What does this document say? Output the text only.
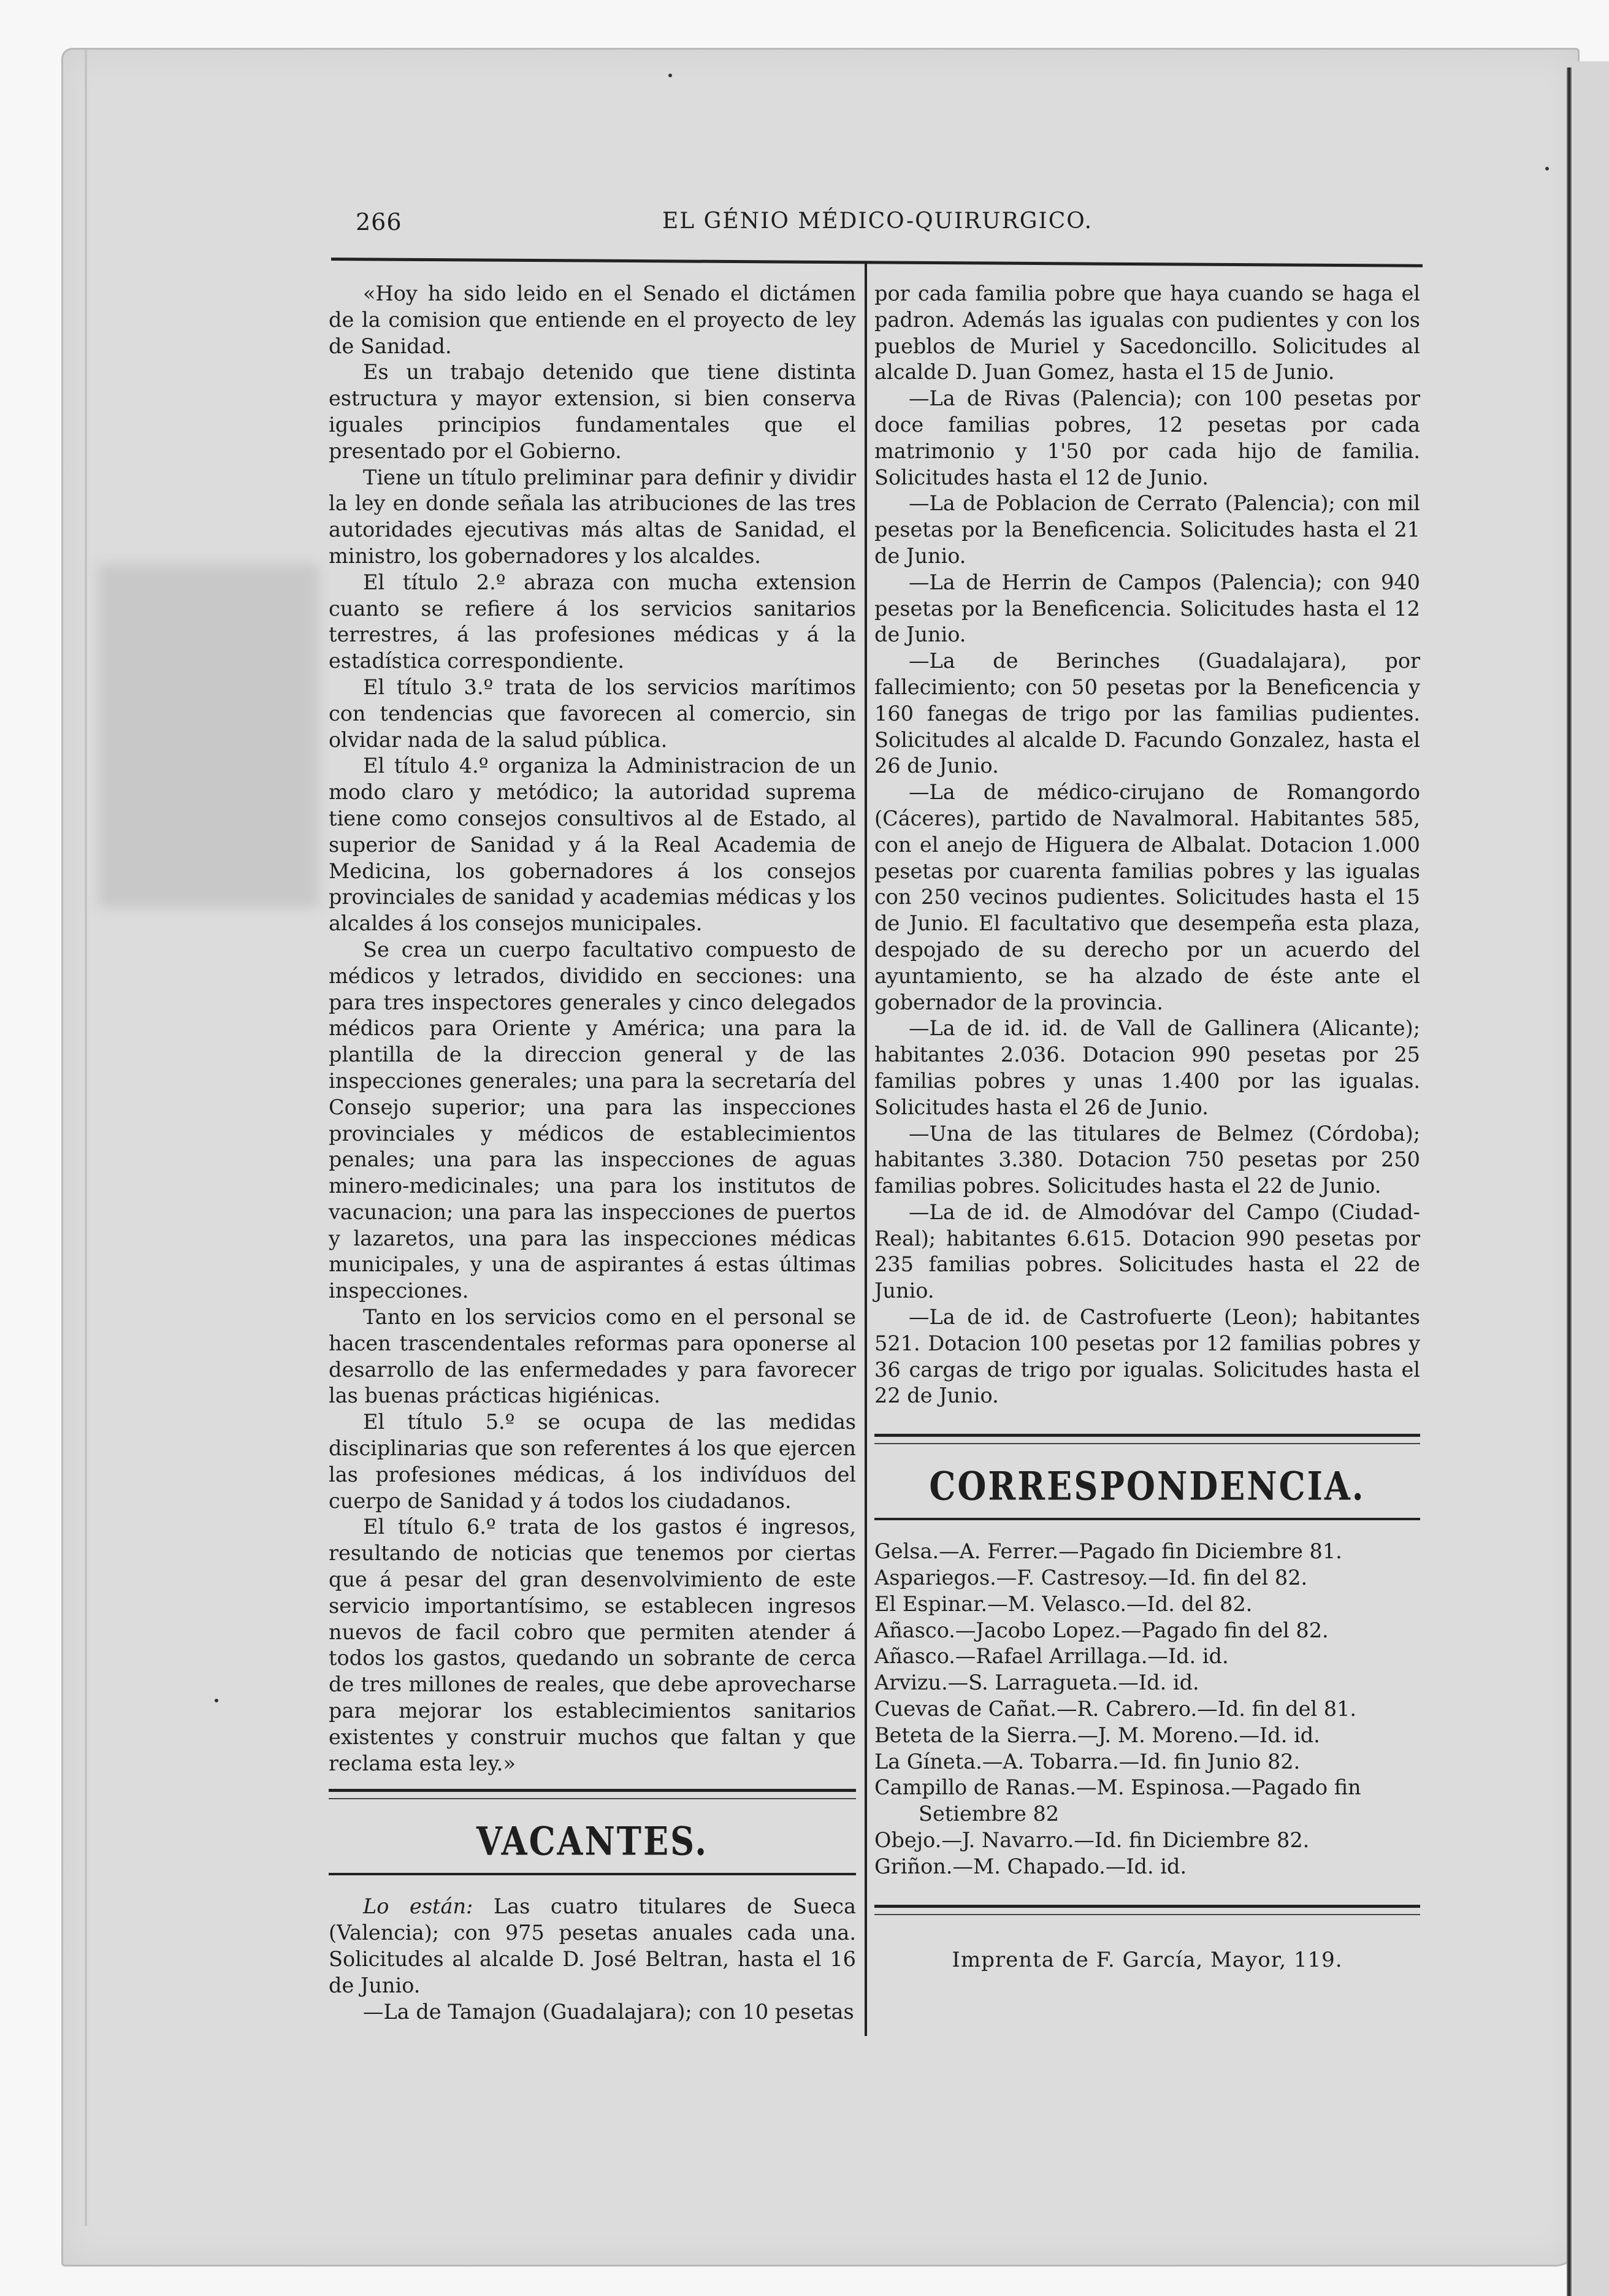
266	EL GÉNIO MÉDICO-QUIRURGICO.

«Hoy ha sido leido en el Senado el dictámen de la comision que entiende en el proyecto de ley de Sanidad.

Es un trabajo detenido que tiene distinta estructura y mayor extension, si bien conserva iguales principios fundamentales que el presentado por el Gobierno.

Tiene un título preliminar para definir y dividir la ley en donde señala las atribuciones de las tres autoridades ejecutivas más altas de Sanidad, el ministro, los gobernadores y los alcaldes.

El título 2.º abraza con mucha extension cuanto se refiere á los servicios sanitarios terrestres, á las profesiones médicas y á la estadística correspondiente.

El título 3.º trata de los servicios marítimos con tendencias que favorecen al comercio, sin olvidar nada de la salud pública.

El título 4.º organiza la Administracion de un modo claro y metódico; la autoridad suprema tiene como consejos consultivos al de Estado, al superior de Sanidad y á la Real Academia de Medicina, los gobernadores á los consejos provinciales de sanidad y academias médicas y los alcaldes á los consejos municipales.

Se crea un cuerpo facultativo compuesto de médicos y letrados, dividido en secciones: una para tres inspectores generales y cinco delegados médicos para Oriente y América; una para la plantilla de la direccion general y de las inspecciones generales; una para la secretaría del Consejo superior; una para las inspecciones provinciales y médicos de establecimientos penales; una para las inspecciones de aguas minero-medicinales; una para los institutos de vacunacion; una para las inspecciones de puertos y lazaretos, una para las inspecciones médicas municipales, y una de aspirantes á estas últimas inspecciones.

Tanto en los servicios como en el personal se hacen trascendentales reformas para oponerse al desarrollo de las enfermedades y para favorecer las buenas prácticas higiénicas.

El título 5.º se ocupa de las medidas disciplinarias que son referentes á los que ejercen las profesiones médicas, á los indivíduos del cuerpo de Sanidad y á todos los ciudadanos.

El título 6.º trata de los gastos é ingresos, resultando de noticias que tenemos por ciertas que á pesar del gran desenvolvimiento de este servicio importantísimo, se establecen ingresos nuevos de facil cobro que permiten atender á todos los gastos, quedando un sobrante de cerca de tres millones de reales, que debe aprovecharse para mejorar los establecimientos sanitarios existentes y construir muchos que faltan y que reclama esta ley.»

VACANTES.

Lo están: Las cuatro titulares de Sueca (Valencia); con 975 pesetas anuales cada una. Solicitudes al alcalde D. José Beltran, hasta el 16 de Junio.

—La de Tamajon (Guadalajara); con 10 pesetas

por cada familia pobre que haya cuando se haga el padron. Además las igualas con pudientes y con los pueblos de Muriel y Sacedoncillo. Solicitudes al alcalde D. Juan Gomez, hasta el 15 de Junio.

—La de Rivas (Palencia); con 100 pesetas por doce familias pobres, 12 pesetas por cada matrimonio y 1'50 por cada hijo de familia. Solicitudes hasta el 12 de Junio.

—La de Poblacion de Cerrato (Palencia); con mil pesetas por la Beneficencia. Solicitudes hasta el 21 de Junio.

—La de Herrin de Campos (Palencia); con 940 pesetas por la Beneficencia. Solicitudes hasta el 12 de Junio.

—La de Berinches (Guadalajara), por fallecimiento; con 50 pesetas por la Beneficencia y 160 fanegas de trigo por las familias pudientes. Solicitudes al alcalde D. Facundo Gonzalez, hasta el 26 de Junio.

—La de médico-cirujano de Romangordo (Cáceres), partido de Navalmoral. Habitantes 585, con el anejo de Higuera de Albalat. Dotacion 1.000 pesetas por cuarenta familias pobres y las igualas con 250 vecinos pudientes. Solicitudes hasta el 15 de Junio. El facultativo que desempeña esta plaza, despojado de su derecho por un acuerdo del ayuntamiento, se ha alzado de éste ante el gobernador de la provincia.

—La de id. id. de Vall de Gallinera (Alicante); habitantes 2.036. Dotacion 990 pesetas por 25 familias pobres y unas 1.400 por las igualas. Solicitudes hasta el 26 de Junio.

—Una de las titulares de Belmez (Córdoba); habitantes 3.380. Dotacion 750 pesetas por 250 familias pobres. Solicitudes hasta el 22 de Junio.

—La de id. de Almodóvar del Campo (Ciudad-Real); habitantes 6.615. Dotacion 990 pesetas por 235 familias pobres. Solicitudes hasta el 22 de Junio.

—La de id. de Castrofuerte (Leon); habitantes 521. Dotacion 100 pesetas por 12 familias pobres y 36 cargas de trigo por igualas. Solicitudes hasta el 22 de Junio.

CORRESPONDENCIA.

Gelsa.—A. Ferrer.—Pagado fin Diciembre 81.

Aspariegos.—F. Castresoy.—Id. fin del 82.

El Espinar.—M. Velasco.—Id. del 82.

Añasco.—Jacobo Lopez.—Pagado fin del 82.

Añasco.—Rafael Arrillaga.—Id. id.

Arvizu.—S. Larragueta.—Id. id.

Cuevas de Cañat.—R. Cabrero.—Id. fin del 81.

Beteta de la Sierra.—J. M. Moreno.—Id. id.

La Gíneta.—A. Tobarra.—Id. fin Junio 82.

Campillo de Ranas.—M. Espinosa.—Pagado fin Setiembre 82

Obejo.—J. Navarro.—Id. fin Diciembre 82.

Griñon.—M. Chapado.—Id. id.

Imprenta de F. García, Mayor, 119.
